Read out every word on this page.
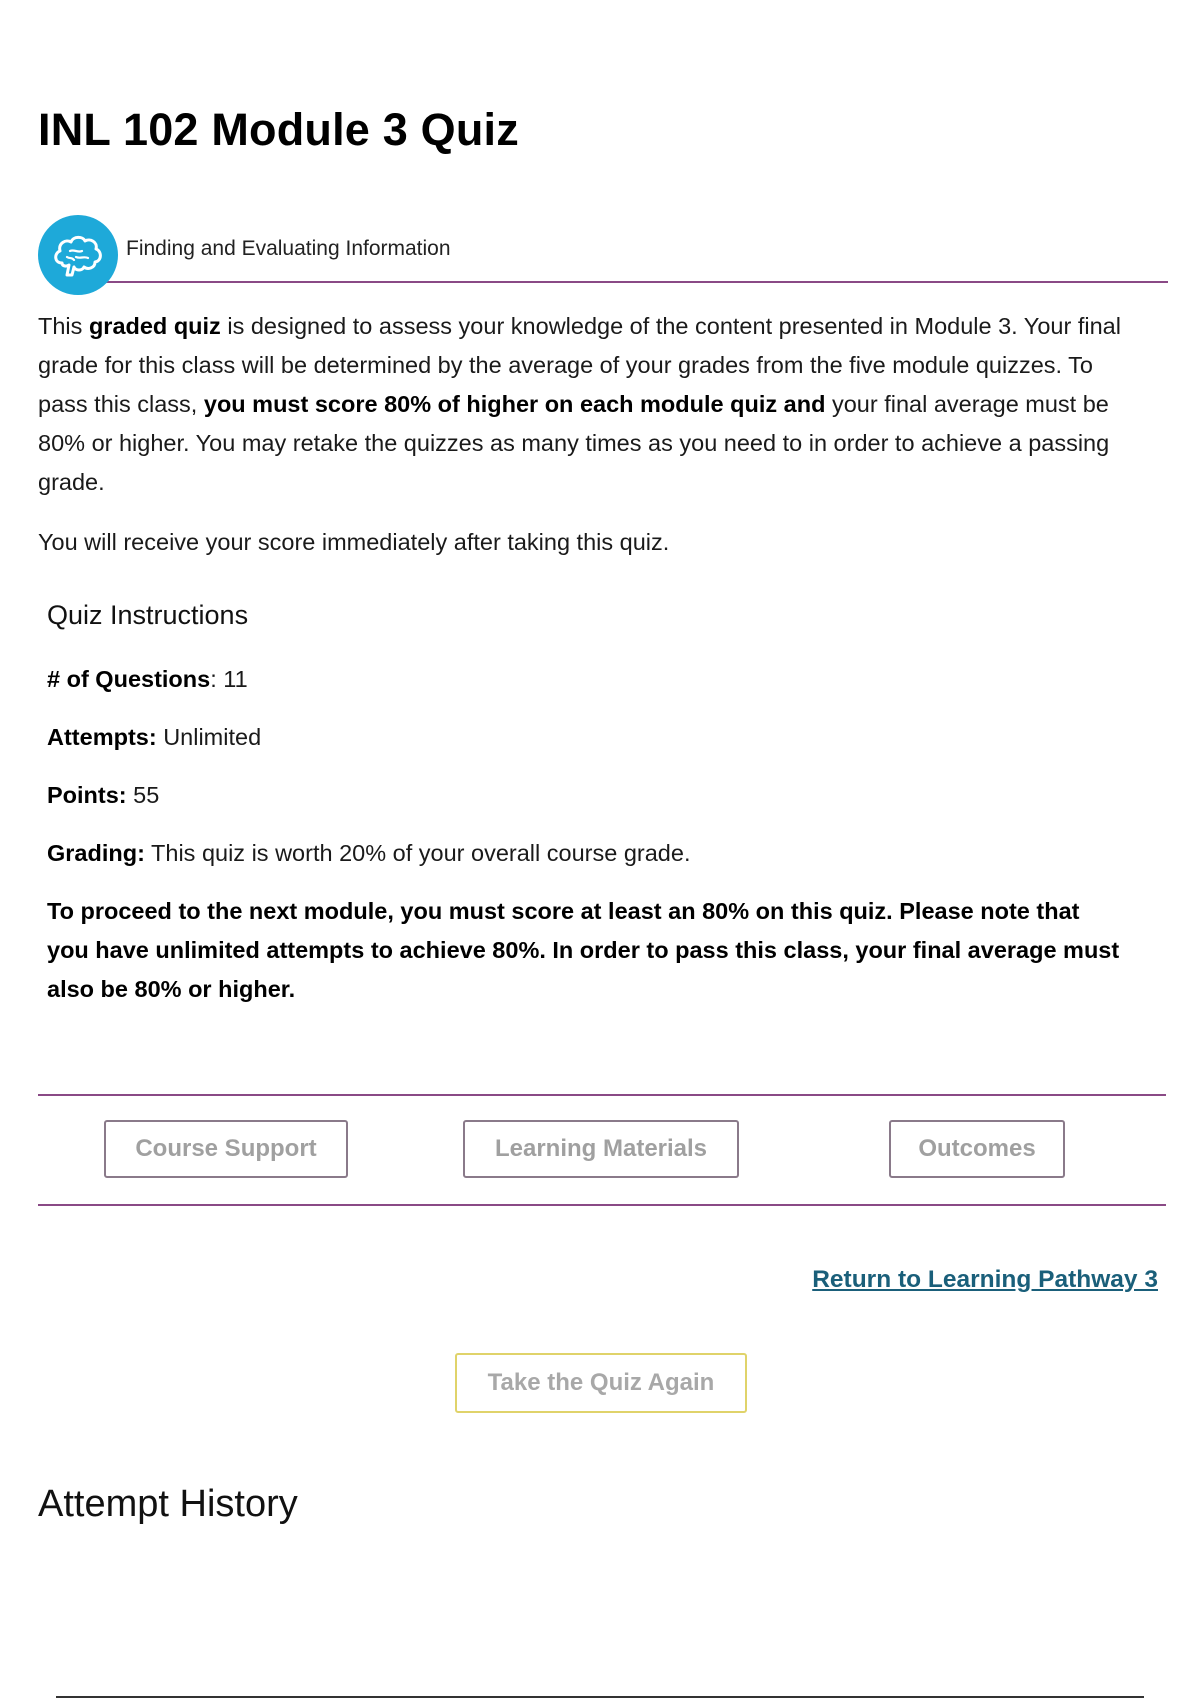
INL 102 Module 3 Quiz
Finding and Evaluating Information

This graded quiz is designed to assess your knowledge of the content presented in Module 3. Your final grade for this class will be determined by the average of your grades from the five module quizzes. To pass this class, you must score 80% of higher on each module quiz and your final average must be 80% or higher. You may retake the quizzes as many times as you need to in order to achieve a passing grade.

You will receive your score immediately after taking this quiz.

Quiz Instructions

# of Questions: 11

Attempts: Unlimited

Points: 55

Grading: This quiz is worth 20% of your overall course grade.

To proceed to the next module, you must score at least an 80% on this quiz. Please note that you have unlimited attempts to achieve 80%. In order to pass this class, your final average must also be 80% or higher.

Course Support	Learning Materials	Outcomes
Return to Learning Pathway 3
Take the Quiz Again
Attempt History
